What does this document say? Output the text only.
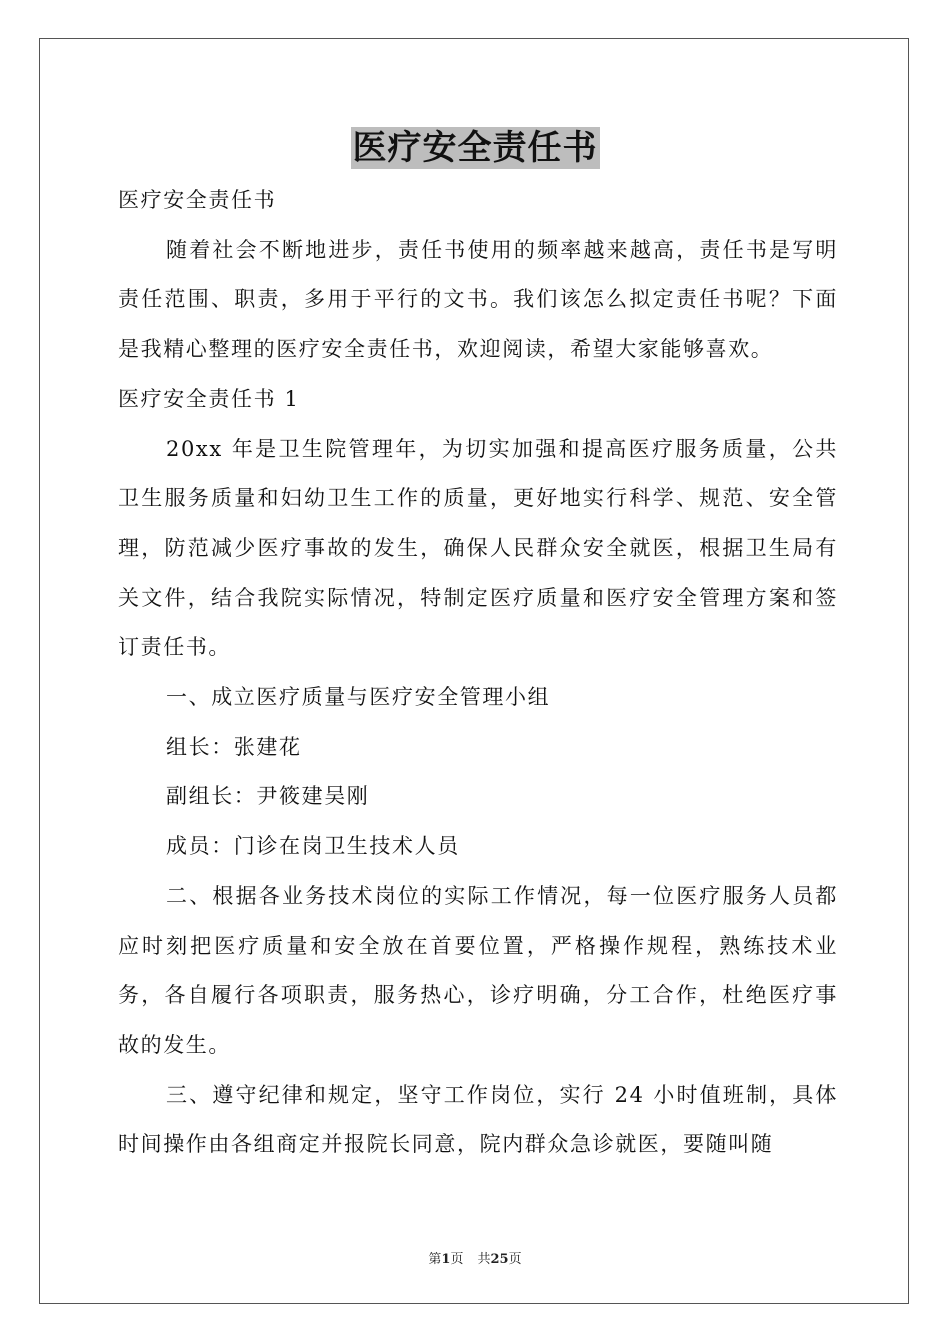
医疗安全责任书

医疗安全责任书

随着社会不断地进步，责任书使用的频率越来越高，责任书是写明责任范围、职责，多用于平行的文书。我们该怎么拟定责任书呢？下面是我精心整理的医疗安全责任书，欢迎阅读，希望大家能够喜欢。

医疗安全责任书 1

20xx 年是卫生院管理年，为切实加强和提高医疗服务质量，公共卫生服务质量和妇幼卫生工作的质量，更好地实行科学、规范、安全管理，防范减少医疗事故的发生，确保人民群众安全就医，根据卫生局有关文件，结合我院实际情况，特制定医疗质量和医疗安全管理方案和签订责任书。

一、成立医疗质量与医疗安全管理小组

组长：张建花

副组长：尹筱建吴刚

成员：门诊在岗卫生技术人员

二、根据各业务技术岗位的实际工作情况，每一位医疗服务人员都应时刻把医疗质量和安全放在首要位置，严格操作规程，熟练技术业务，各自履行各项职责，服务热心，诊疗明确，分工合作，杜绝医疗事故的发生。

三、遵守纪律和规定，坚守工作岗位，实行 24 小时值班制，具体时间操作由各组商定并报院长同意，院内群众急诊就医，要随叫随

第1页 共25页
